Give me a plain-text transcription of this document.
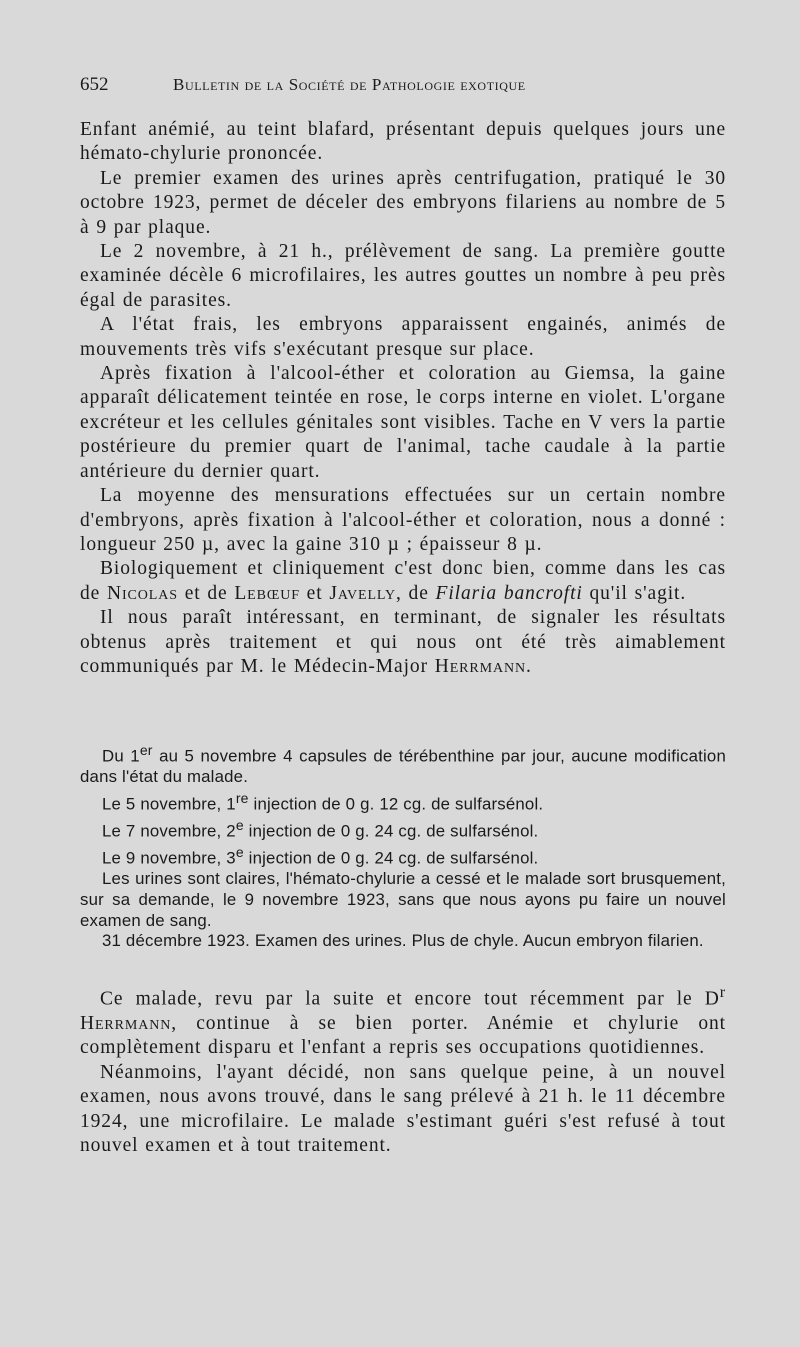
652	Bulletin de la Société de Pathologie exotique

Enfant anémié, au teint blafard, présentant depuis quelques jours une hémato-chylurie prononcée.

Le premier examen des urines après centrifugation, pratiqué le 30 octobre 1923, permet de déceler des embryons filariens au nombre de 5 à 9 par plaque.

Le 2 novembre, à 21 h., prélèvement de sang. La première goutte examinée décèle 6 microfilaires, les autres gouttes un nombre à peu près égal de parasites.

A l'état frais, les embryons apparaissent engainés, animés de mouvements très vifs s'exécutant presque sur place.

Après fixation à l'alcool-éther et coloration au Giemsa, la gaine apparaît délicatement teintée en rose, le corps interne en violet. L'organe excréteur et les cellules génitales sont visibles. Tache en V vers la partie postérieure du premier quart de l'animal, tache caudale à la partie antérieure du dernier quart.

La moyenne des mensurations effectuées sur un certain nombre d'embryons, après fixation à l'alcool-éther et coloration, nous a donné : longueur 250 µ, avec la gaine 310 µ ; épaisseur 8 µ.

Biologiquement et cliniquement c'est donc bien, comme dans les cas de Nicolas et de Lebœuf et Javelly, de Filaria bancrofti qu'il s'agit.

Il nous paraît intéressant, en terminant, de signaler les résultats obtenus après traitement et qui nous ont été très aimablement communiqués par M. le Médecin-Major Herrmann.

Du 1er au 5 novembre 4 capsules de térébenthine par jour, aucune modification dans l'état du malade.

Le 5 novembre, 1re injection de 0 g. 12 cg. de sulfarsénol.

Le 7 novembre, 2e injection de 0 g. 24 cg. de sulfarsénol.

Le 9 novembre, 3e injection de 0 g. 24 cg. de sulfarsénol.

Les urines sont claires, l'hémato-chylurie a cessé et le malade sort brusquement, sur sa demande, le 9 novembre 1923, sans que nous ayons pu faire un nouvel examen de sang.

31 décembre 1923. Examen des urines. Plus de chyle. Aucun embryon filarien.

Ce malade, revu par la suite et encore tout récemment par le $D^r$ Herrmann, continue à se bien porter. Anémie et chylurie ont complètement disparu et l'enfant a repris ses occupations quotidiennes.

Néanmoins, l'ayant décidé, non sans quelque peine, à un nouvel examen, nous avons trouvé, dans le sang prélevé à 21 h. le 11 décembre 1924, une microfilaire. Le malade s'estimant guéri s'est refusé à tout nouvel examen et à tout traitement.
